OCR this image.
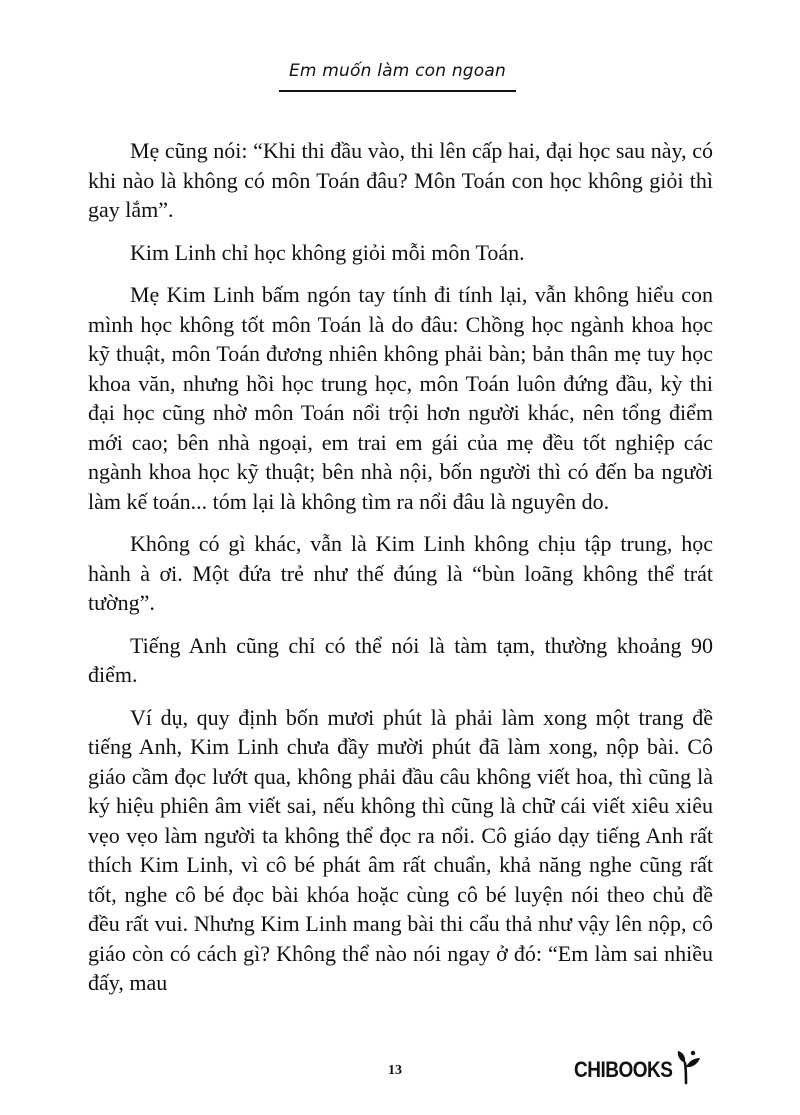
Em muốn làm con ngoan

Mẹ cũng nói: “Khi thi đầu vào, thi lên cấp hai, đại học sau này, có khi nào là không có môn Toán đâu? Môn Toán con học không giỏi thì gay lắm”.

Kim Linh chỉ học không giỏi mỗi môn Toán.

Mẹ Kim Linh bấm ngón tay tính đi tính lại, vẫn không hiểu con mình học không tốt môn Toán là do đâu: Chồng học ngành khoa học kỹ thuật, môn Toán đương nhiên không phải bàn; bản thân mẹ tuy học khoa văn, nhưng hồi học trung học, môn Toán luôn đứng đầu, kỳ thi đại học cũng nhờ môn Toán nổi trội hơn người khác, nên tổng điểm mới cao; bên nhà ngoại, em trai em gái của mẹ đều tốt nghiệp các ngành khoa học kỹ thuật; bên nhà nội, bốn người thì có đến ba người làm kế toán... tóm lại là không tìm ra nổi đâu là nguyên do.

Không có gì khác, vẫn là Kim Linh không chịu tập trung, học hành à ơi. Một đứa trẻ như thế đúng là “bùn loãng không thể trát tường”.

Tiếng Anh cũng chỉ có thể nói là tàm tạm, thường khoảng 90 điểm.

Ví dụ, quy định bốn mươi phút là phải làm xong một trang đề tiếng Anh, Kim Linh chưa đầy mười phút đã làm xong, nộp bài. Cô giáo cầm đọc lướt qua, không phải đầu câu không viết hoa, thì cũng là ký hiệu phiên âm viết sai, nếu không thì cũng là chữ cái viết xiêu xiêu vẹo vẹo làm người ta không thể đọc ra nổi. Cô giáo dạy tiếng Anh rất thích Kim Linh, vì cô bé phát âm rất chuẩn, khả năng nghe cũng rất tốt, nghe cô bé đọc bài khóa hoặc cùng cô bé luyện nói theo chủ đề đều rất vui. Nhưng Kim Linh mang bài thi cẩu thả như vậy lên nộp, cô giáo còn có cách gì? Không thể nào nói ngay ở đó: “Em làm sai nhiều đấy, mau

13	CHIBOOKS
